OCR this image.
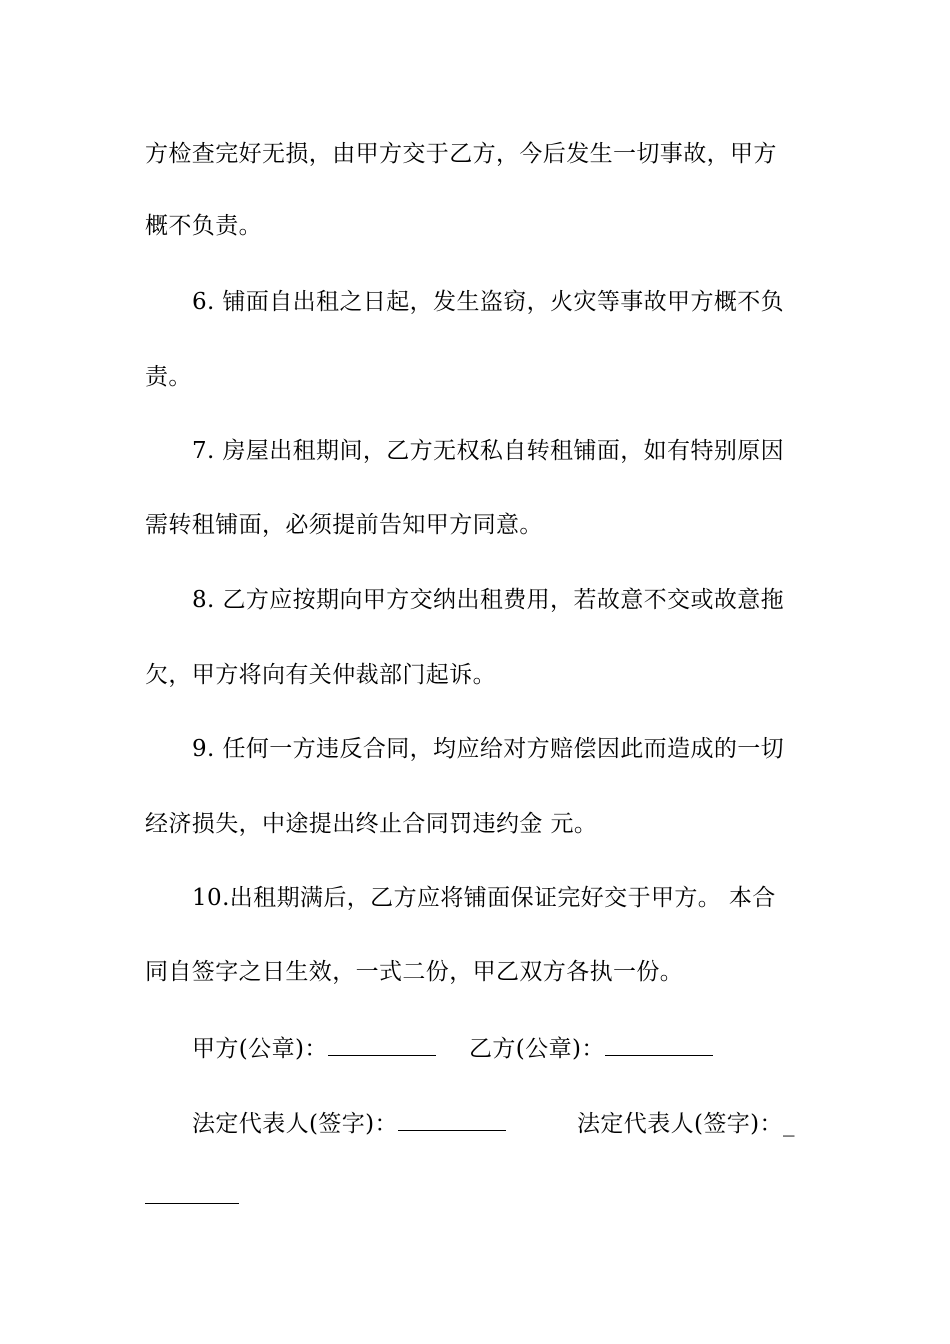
方检查完好无损，由甲方交于乙方，今后发生一切事故，甲方
概不负责。
6. 铺面自出租之日起，发生盗窃，火灾等事故甲方概不负
责。
7. 房屋出租期间，乙方无权私自转租铺面，如有特别原因
需转租铺面，必须提前告知甲方同意。
8. 乙方应按期向甲方交纳出租费用，若故意不交或故意拖
欠，甲方将向有关仲裁部门起诉。
9. 任何一方违反合同，均应给对方赔偿因此而造成的一切
经济损失，中途提出终止合同罚违约金 元。
10.出租期满后，乙方应将铺面保证完好交于甲方。 本合
同自签字之日生效，一式二份，甲乙双方各执一份。
甲方(公章)：	乙方(公章)：
法定代表人(签字)：	法定代表人(签字)：_
